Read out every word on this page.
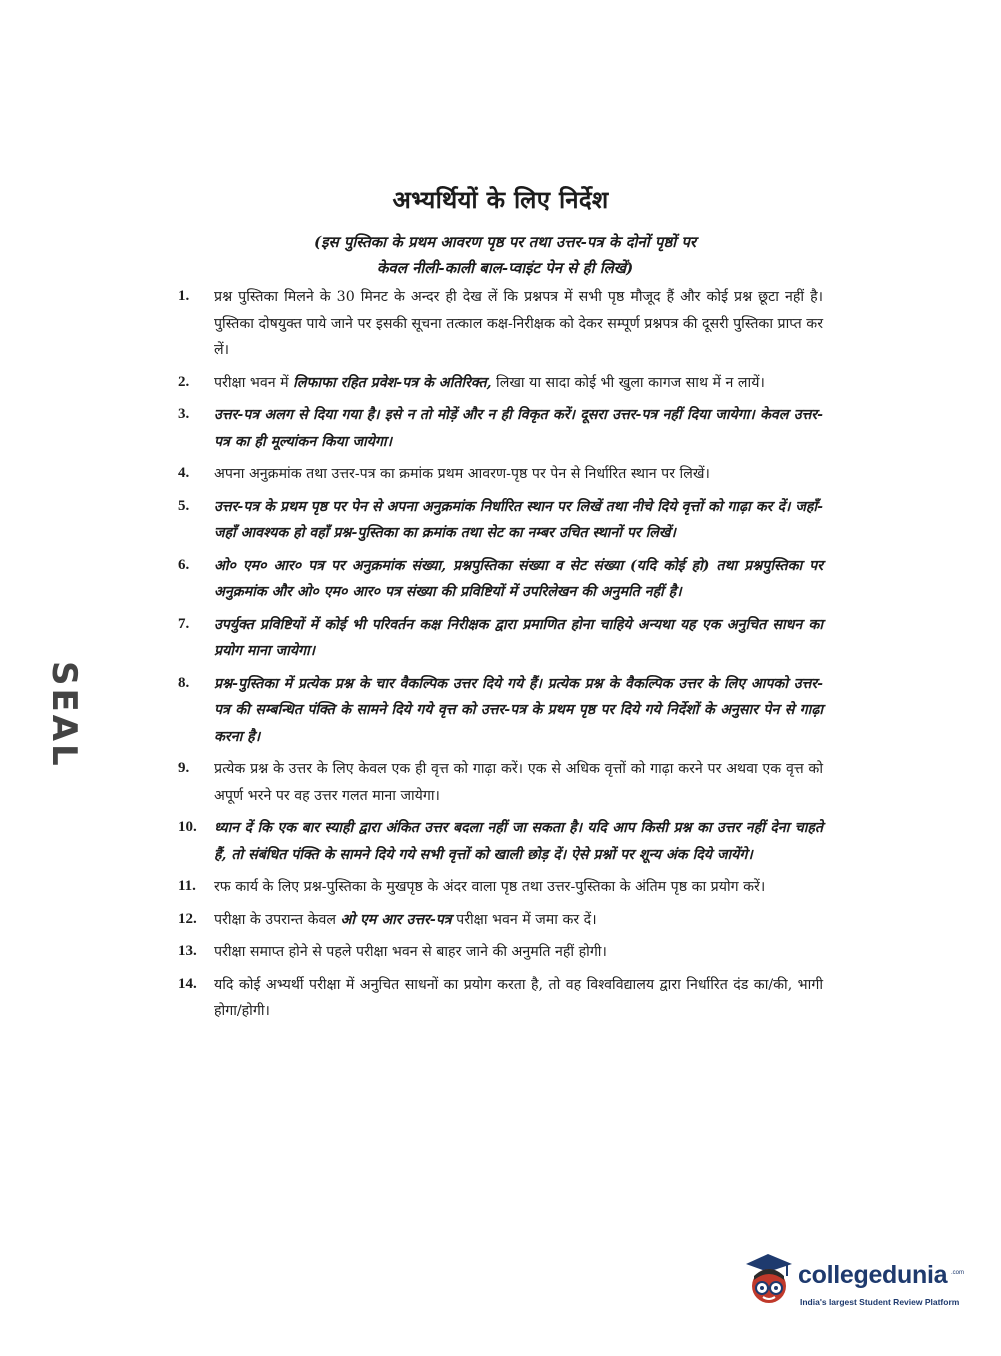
अभ्यर्थियों के लिए निर्देश
(इस पुस्तिका के प्रथम आवरण पृष्ठ पर तथा उत्तर-पत्र के दोनों पृष्ठों पर
केवल नीली-काली बाल-प्वाइंट पेन से ही लिखें)
1.	प्रश्न पुस्तिका मिलने के 30 मिनट के अन्दर ही देख लें कि प्रश्नपत्र में सभी पृष्ठ मौजूद हैं और कोई प्रश्न छूटा नहीं है। पुस्तिका दोषयुक्त पाये जाने पर इसकी सूचना तत्काल कक्ष-निरीक्षक को देकर सम्पूर्ण प्रश्नपत्र की दूसरी पुस्तिका प्राप्त कर लें।
2.	परीक्षा भवन में लिफाफा रहित प्रवेश-पत्र के अतिरिक्त, लिखा या सादा कोई भी खुला कागज साथ में न लायें।
3.	उत्तर-पत्र अलग से दिया गया है। इसे न तो मोड़ें और न ही विकृत करें। दूसरा उत्तर-पत्र नहीं दिया जायेगा। केवल उत्तर-पत्र का ही मूल्यांकन किया जायेगा।
4.	अपना अनुक्रमांक तथा उत्तर-पत्र का क्रमांक प्रथम आवरण-पृष्ठ पर पेन से निर्धारित स्थान पर लिखें।
5.	उत्तर-पत्र के प्रथम पृष्ठ पर पेन से अपना अनुक्रमांक निर्धारित स्थान पर लिखें तथा नीचे दिये वृत्तों को गाढ़ा कर दें। जहाँ-जहाँ आवश्यक हो वहाँ प्रश्न-पुस्तिका का क्रमांक तथा सेट का नम्बर उचित स्थानों पर लिखें।
6.	ओ० एम० आर० पत्र पर अनुक्रमांक संख्या, प्रश्नपुस्तिका संख्या व सेट संख्या (यदि कोई हो) तथा प्रश्नपुस्तिका पर अनुक्रमांक और ओ० एम० आर० पत्र संख्या की प्रविष्टियों में उपरिलेखन की अनुमति नहीं है।
7.	उपर्युक्त प्रविष्टियों में कोई भी परिवर्तन कक्ष निरीक्षक द्वारा प्रमाणित होना चाहिये अन्यथा यह एक अनुचित साधन का प्रयोग माना जायेगा।
8.	प्रश्न-पुस्तिका में प्रत्येक प्रश्न के चार वैकल्पिक उत्तर दिये गये हैं। प्रत्येक प्रश्न के वैकल्पिक उत्तर के लिए आपको उत्तर-पत्र की सम्बन्धित पंक्ति के सामने दिये गये वृत्त को उत्तर-पत्र के प्रथम पृष्ठ पर दिये गये निर्देशों के अनुसार पेन से गाढ़ा करना है।
9.	प्रत्येक प्रश्न के उत्तर के लिए केवल एक ही वृत्त को गाढ़ा करें। एक से अधिक वृत्तों को गाढ़ा करने पर अथवा एक वृत्त को अपूर्ण भरने पर वह उत्तर गलत माना जायेगा।
10.	ध्यान दें कि एक बार स्याही द्वारा अंकित उत्तर बदला नहीं जा सकता है। यदि आप किसी प्रश्न का उत्तर नहीं देना चाहते हैं, तो संबंधित पंक्ति के सामने दिये गये सभी वृत्तों को खाली छोड़ दें। ऐसे प्रश्नों पर शून्य अंक दिये जायेंगे।
11.	रफ कार्य के लिए प्रश्न-पुस्तिका के मुखपृष्ठ के अंदर वाला पृष्ठ तथा उत्तर-पुस्तिका के अंतिम पृष्ठ का प्रयोग करें।
12.	परीक्षा के उपरान्त केवल ओ एम आर उत्तर-पत्र परीक्षा भवन में जमा कर दें।
13.	परीक्षा समाप्त होने से पहले परीक्षा भवन से बाहर जाने की अनुमति नहीं होगी।
14.	यदि कोई अभ्यर्थी परीक्षा में अनुचित साधनों का प्रयोग करता है, तो वह विश्वविद्यालय द्वारा निर्धारित दंड का/की, भागी होगा/होगी।
SEAL
collegedunia .com
India's largest Student Review Platform
